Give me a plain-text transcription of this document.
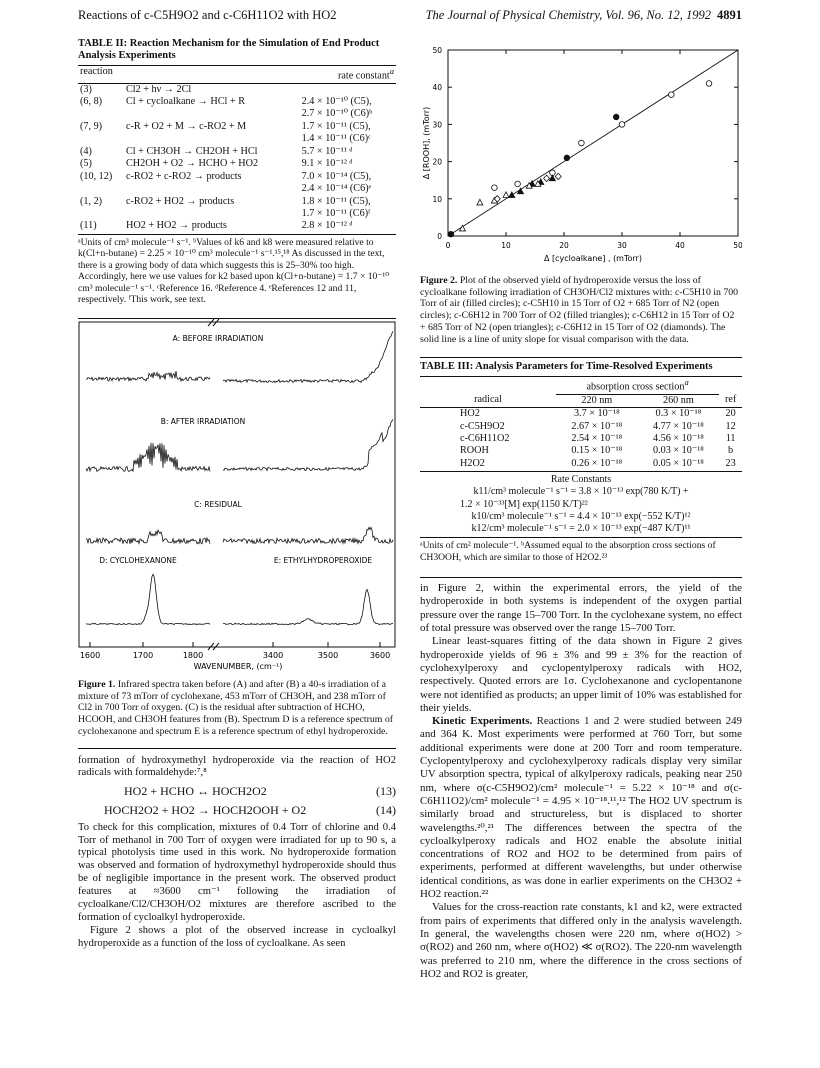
Reactions of c-C5H9O2 and c-C6H11O2 with HO2	The Journal of Physical Chemistry, Vol. 96, No. 12, 1992 4891
TABLE II: Reaction Mechanism for the Simulation of End Product Analysis Experiments
reaction		rate constant$^a$
(3)	Cl2 + hν → 2Cl	
(6, 8)	Cl + cycloalkane → HCl + R	2.4 × 10⁻¹⁰ (C5),
		2.7 × 10⁻¹⁰ (C6)ᵇ
(7, 9)	c-R + O2 + M → c-RO2 + M	1.7 × 10⁻¹¹ (C5),
		1.4 × 10⁻¹¹ (C6)ᶜ
(4)	Cl + CH3OH → CH2OH + HCl	5.7 × 10⁻¹¹ ᵈ
(5)	CH2OH + O2 → HCHO + HO2	9.1 × 10⁻¹² ᵈ
(10, 12)	c-RO2 + c-RO2 → products	7.0 × 10⁻¹⁴ (C5),
		2.4 × 10⁻¹⁴ (C6)ᵉ
(1, 2)	c-RO2 + HO2 → products	1.8 × 10⁻¹¹ (C5),
		1.7 × 10⁻¹¹ (C6)ᶠ
(11)	HO2 + HO2 → products	2.8 × 10⁻¹² ᵈ
ᵃUnits of cm³ molecule⁻¹ s⁻¹. ᵇValues of k6 and k8 were measured relative to k(Cl+n-butane) = 2.25 × 10⁻¹⁰ cm³ molecule⁻¹ s⁻¹.¹⁵,¹⁸ As discussed in the text, there is a growing body of data which suggests this is 25–30% too high. Accordingly, here we use values for k2 based upon k(Cl+n-butane) = 1.7 × 10⁻¹⁰ cm³ molecule⁻¹ s⁻¹. ᶜReference 16. ᵈReference 4. ᵉReferences 12 and 11, respectively. ᶠThis work, see text.
A: BEFORE IRRADIATION
B: AFTER IRRADIATION
C: RESIDUAL
D: CYCLOHEXANONE	E: ETHYLHYDROPEROXIDE
1600	1700	1800	3400	3500	3600
WAVENUMBER, (cm⁻¹)
Figure 1. Infrared spectra taken before (A) and after (B) a 40-s irradiation of a mixture of 73 mTorr of cyclohexane, 453 mTorr of CH3OH, and 238 mTorr of Cl2 in 700 Torr of oxygen. (C) is the residual after subtraction of HCHO, HCOOH, and CH3OH features from (B). Spectrum D is a reference spectrum of cyclohexanone and spectrum E is a reference spectrum of ethyl hydroperoxide.

formation of hydroxymethyl hydroperoxide via the reaction of HO2 radicals with formaldehyde:⁷,⁸

HO2 + HCHO ↔ HOCH2O2	(13)
HOCH2O2 + HO2 → HOCH2OOH + O2	(14)

To check for this complication, mixtures of 0.4 Torr of chlorine and 0.4 Torr of methanol in 700 Torr of oxygen were irradiated for up to 90 s, a typical photolysis time used in this work. No hydroperoxide formation was observed and formation of hydroxymethyl hydroperoxide should thus be of negligible importance in the present work. The observed product features at ≈3600 cm⁻¹ following the irradiation of cycloalkane/Cl2/CH3OH/O2 mixtures are therefore ascribed to the formation of cycloalkyl hydroperoxide.

Figure 2 shows a plot of the observed increase in cycloalkyl hydroperoxide as a function of the loss of cycloalkane. As seen

0	10	20	30	40	50
0
10
20
30
40
50
Δ [ROOH], (mTorr)
Δ [cycloalkane] , (mTorr)
Figure 2. Plot of the observed yield of hydroperoxide versus the loss of cycloalkane following irradiation of CH3OH/Cl2 mixtures with: c-C5H10 in 700 Torr of air (filled circles); c-C5H10 in 15 Torr of O2 + 685 Torr of N2 (open circles); c-C6H12 in 700 Torr of O2 (filled triangles); c-C6H12 in 15 Torr of O2 + 685 Torr of N2 (open triangles); c-C6H12 in 15 Torr of O2 (diamonds). The solid line is a line of unity slope for visual comparison with the data.
TABLE III: Analysis Parameters for Time-Resolved Experiments
	absorption cross section$^a$	
radical	220 nm	260 nm	ref
HO2	3.7 × 10⁻¹⁸	0.3 × 10⁻¹⁸	20
c-C5H9O2	2.67 × 10⁻¹⁸	4.77 × 10⁻¹⁸	12
c-C6H11O2	2.54 × 10⁻¹⁸	4.56 × 10⁻¹⁸	11
ROOH	0.15 × 10⁻¹⁸	0.03 × 10⁻¹⁸	b
H2O2	0.26 × 10⁻¹⁸	0.05 × 10⁻¹⁸	23
Rate Constants
k11/cm³ molecule⁻¹ s⁻¹ = 3.8 × 10⁻¹³ exp(780 K/T) +
1.2 × 10⁻³³[M] exp(1150 K/T)²²
k10/cm³ molecule⁻¹ s⁻¹ = 4.4 × 10⁻¹³ exp(−552 K/T)¹²
k12/cm³ molecule⁻¹ s⁻¹ = 2.0 × 10⁻¹³ exp(−487 K/T)¹¹
ᵃUnits of cm² molecule⁻¹. ᵇAssumed equal to the absorption cross sections of CH3OOH, which are similar to those of H2O2.²³

in Figure 2, within the experimental errors, the yield of the hydroperoxide in both systems is independent of the oxygen partial pressure over the range 15–700 Torr. In the cyclohexane system, no effect of total pressure was observed over the range 15–700 Torr.

Linear least-squares fitting of the data shown in Figure 2 gives hydroperoxide yields of 96 ± 3% and 99 ± 3% for the reaction of cyclohexylperoxy and cyclopentylperoxy radicals with HO2, respectively. Quoted errors are 1σ. Cyclohexanone and cyclopentanone were not identified as products; an upper limit of 10% was established for their yields.

Kinetic Experiments. Reactions 1 and 2 were studied between 249 and 364 K. Most experiments were performed at 760 Torr, but some additional experiments were done at 200 Torr and room temperature. Cyclopentylperoxy and cyclohexylperoxy radicals display very similar UV absorption spectra, typical of alkylperoxy radicals, peaking near 250 nm, where σ(c-C5H9O2)/cm² molecule⁻¹ = 5.22 × 10⁻¹⁸ and σ(c-C6H11O2)/cm² molecule⁻¹ = 4.95 × 10⁻¹⁸.¹¹,¹² The HO2 UV spectrum is similarly broad and structureless, but is displaced to shorter wavelengths.²⁰,²¹ The differences between the spectra of the cycloalkylperoxy radicals and HO2 enable the absolute initial concentrations of RO2 and HO2 to be determined from pairs of experiments, performed at different wavelengths, but under otherwise identical conditions, as was done in earlier experiments on the CH3O2 + HO2 reaction.²²

Values for the cross-reaction rate constants, k1 and k2, were extracted from pairs of experiments that differed only in the analysis wavelength. In general, the wavelengths chosen were 220 nm, where σ(HO2) > σ(RO2) and 260 nm, where σ(HO2) ≪ σ(RO2). The 220-nm wavelength was preferred to 210 nm, where the difference in the cross sections of HO2 and RO2 is greater,
